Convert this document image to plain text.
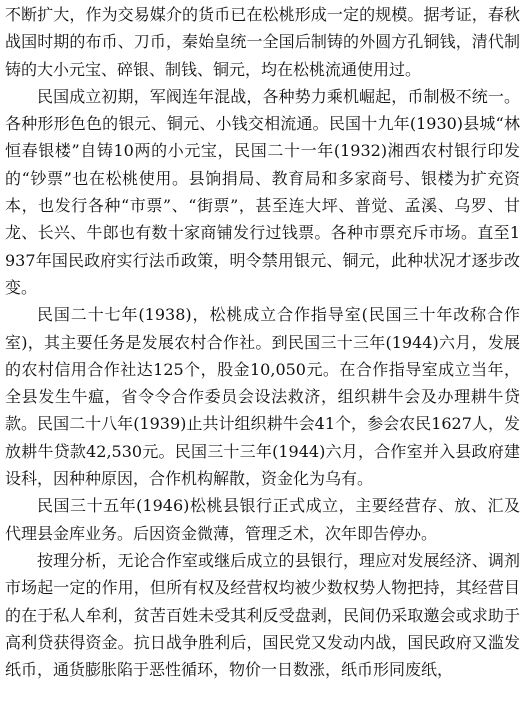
不断扩大，作为交易媒介的货币已在松桃形成一定的规模。据考证，春秋战国时期的布币、刀币，秦始皇统一全国后制铸的外圆方孔铜钱，清代制铸的大小元宝、碎银、制钱、铜元，均在松桃流通使用过。

民国成立初期，军阀连年混战，各种势力乘机崛起，币制极不统一。各种形形色色的银元、铜元、小钱交相流通。民国十九年(1930)县城“林恒春银楼”自铸10两的小元宝，民国二十一年(1932)湘西农村银行印发的“钞票”也在松桃使用。县饷捐局、教育局和多家商号、银楼为扩充资本，也发行各种“市票”、“街票”，甚至连大坪、普觉、孟溪、乌罗、甘龙、长兴、牛郎也有数十家商铺发行过钱票。各种市票充斥市场。直至1937年国民政府实行法币政策，明令禁用银元、铜元，此种状况才逐步改变。

民国二十七年(1938)，松桃成立合作指导室(民国三十年改称合作室)，其主要任务是发展农村合作社。到民国三十三年(1944)六月，发展的农村信用合作社达125个，股金10,050元。在合作指导室成立当年，全县发生牛瘟，省令令合作委员会设法救济，组织耕牛会及办理耕牛贷款。民国二十八年(1939)止共计组织耕牛会41个，参会农民1627人，发放耕牛贷款42,530元。民国三十三年(1944)六月，合作室并入县政府建设科，因种种原因，合作机构解散，资金化为乌有。

民国三十五年(1946)松桃县银行正式成立，主要经营存、放、汇及代理县金库业务。后因资金微薄，管理乏术，次年即告停办。

按理分析，无论合作室或继后成立的县银行，理应对发展经济、调剂市场起一定的作用，但所有权及经营权均被少数权势人物把持，其经营目的在于私人牟利，贫苦百姓未受其利反受盘剥，民间仍采取邀会或求助于高利贷获得资金。抗日战争胜利后，国民党又发动内战，国民政府又滥发纸币，通货膨胀陷于恶性循环，物价一日数涨，纸币形同废纸，
